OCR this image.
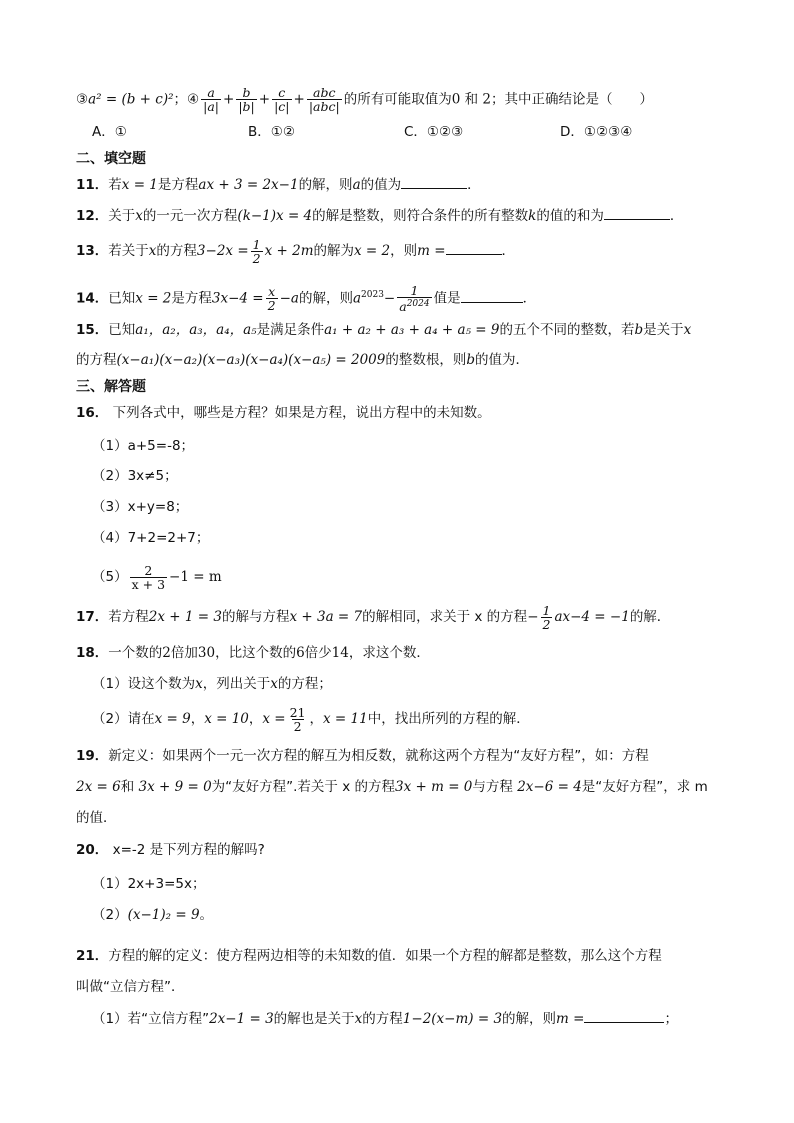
③a² = (b + c)²；④ $\frac{a}{|a|} + \frac{b}{|b|} + \frac{c}{|c|} + \frac{\text{abc}}{\text{|abc|}}$ 的所有可能取值为0 和 2；其中正确结论是（　　）
A．①	B．①②	C．①②③	D．①②③④
二、填空题
11．若x = 1是方程ax + 3 = 2x−1的解，则a的值为	．
12．关于x的一元一次方程(k−1)x = 4的解是整数，则符合条件的所有整数k的值的和为	．
13．若关于x的方程$3-2x = \frac{1}{2}$ x + 2m的解为x = 2，则m =	．
14．已知x = 2是方程$3x-4 = \frac{x}{2} -a$的解，则$a^{2023}- \frac{1}{a^{2024}}$ 值是	．
15．已知a₁，a₂，a₃，a₄，a₅是满足条件a₁ + a₂ + a₃ + a₄ + a₅ = 9的五个不同的整数，若b是关于x
的方程(x−a₁)(x−a₂)(x−a₃)(x−a₄)(x−a₅) = 2009的整数根，则b的值为．
三、解答题
16． 下列各式中，哪些是方程？如果是方程，说出方程中的未知数。
（1）a+5=-8；
（2）3x≠5；
（3）x+y=8；
（4）7+2=2+7；
$(5) \frac{2}{x + 3} -1 = m$
17．若方程2x + 1 = 3的解与方程x + 3a = 7的解相同，求关于 x 的方程− $\frac{1}{2} ax-4 = -1$的解．
18．一个数的2倍加30，比这个数的6倍少14，求这个数．
（1）设这个数为x，列出关于x的方程；
（2）请在x = 9，x = 10，$x = \frac{21}{2}$ ，x = 11中，找出所列的方程的解．
19．新定义：如果两个一元一次方程的解互为相反数，就称这两个方程为“友好方程”，如：方程
2x = 6和 3x + 9 = 0为“友好方程”.若关于 x 的方程3x + m = 0与方程 2x−6 = 4是“友好方程”，求 m
的值．
20． x=-2 是下列方程的解吗?
（1）2x+3=5x；
（2）(x−1)₂ = 9。
21．方程的解的定义：使方程两边相等的未知数的值．如果一个方程的解都是整数，那么这个方程
叫做“立信方程”．
（1）若“立信方程”2x−1 = 3的解也是关于x的方程1−2(x−m) = 3的解，则m =	；
